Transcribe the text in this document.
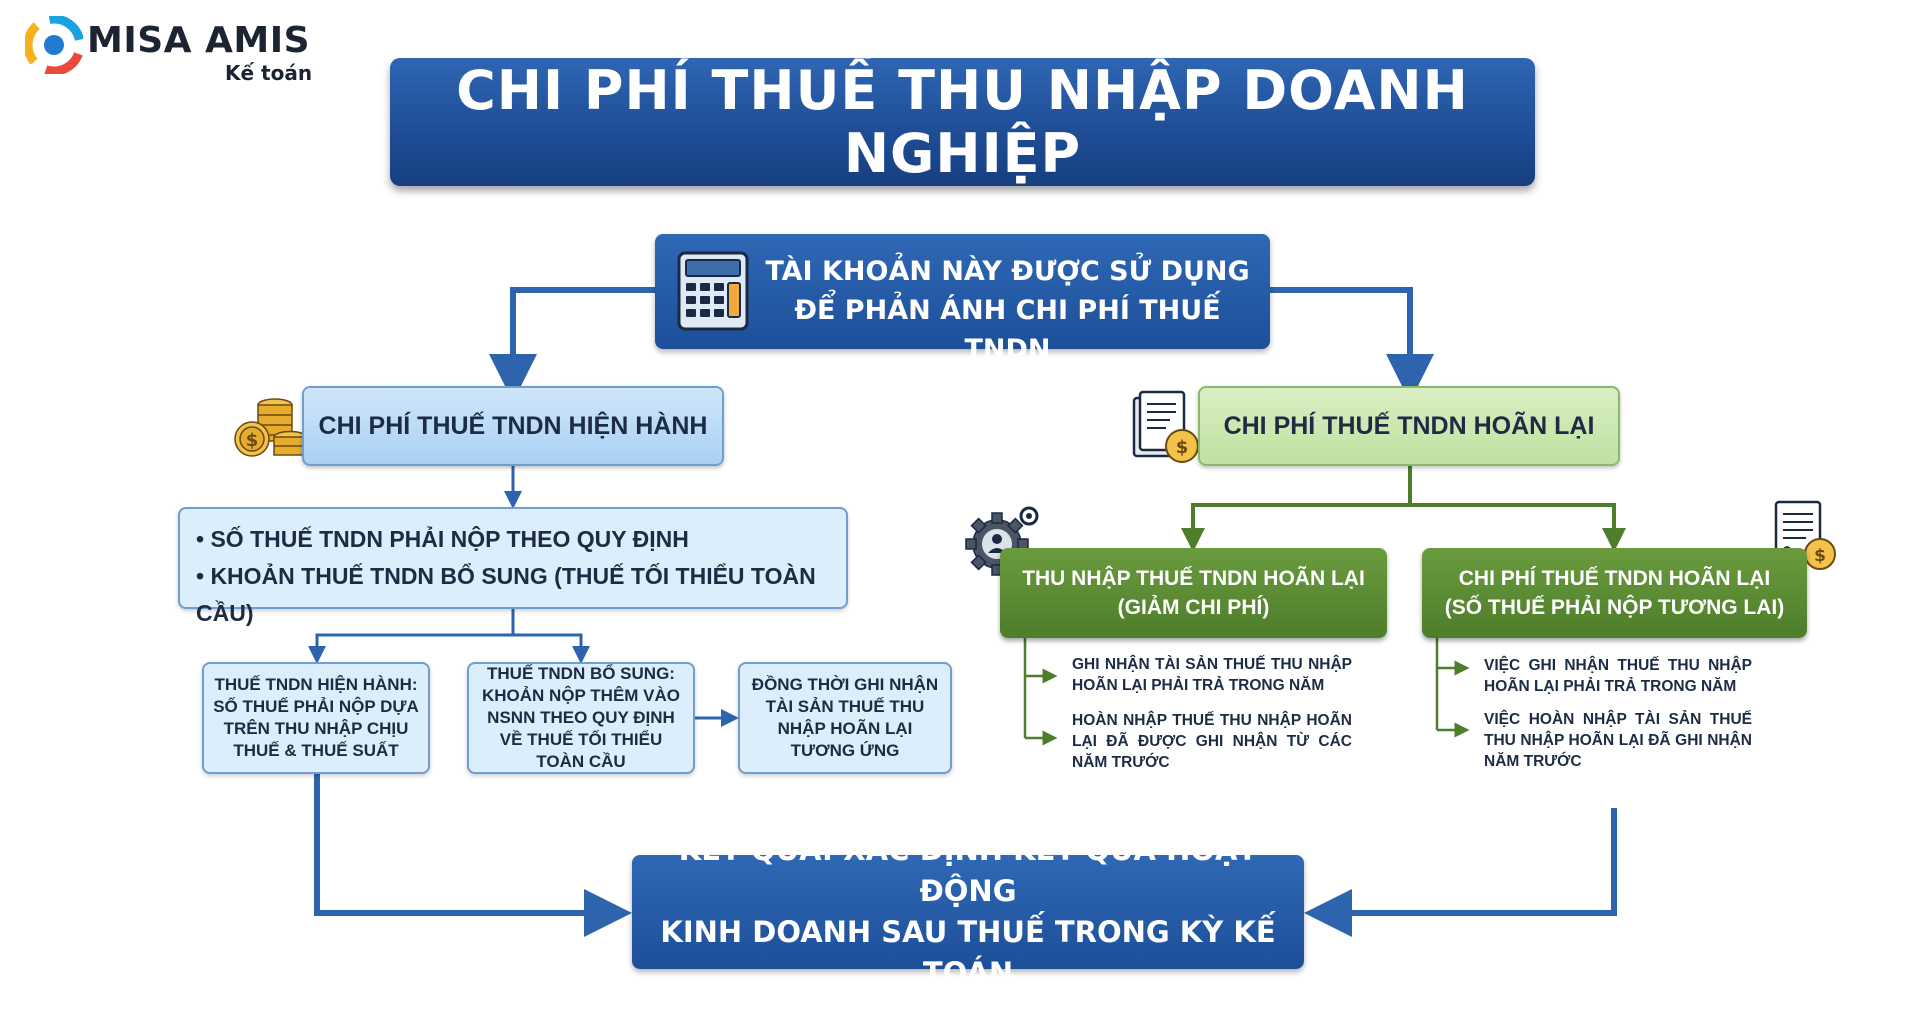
MISA AMIS
Kế toán	CHI PHÍ THUẾ THU NHẬP DOANH NGHIỆP
TÀI KHOẢN NÀY ĐƯỢC SỬ DỤNG
ĐỂ PHẢN ÁNH CHI PHÍ THUẾ TNDN
$
CHI PHÍ THUẾ TNDN HIỆN HÀNH
• SỐ THUẾ TNDN PHẢI NỘP THEO QUY ĐỊNH
• KHOẢN THUẾ TNDN BỔ SUNG (THUẾ TỐI THIỂU TOÀN CẦU)
THUẾ TNDN HIỆN HÀNH: SỐ THUẾ PHẢI NỘP DỰA TRÊN THU NHẬP CHỊU THUẾ & THUẾ SUẤT
THUẾ TNDN BỔ SUNG: KHOẢN NỘP THÊM VÀO NSNN THEO QUY ĐỊNH VỀ THUẾ TỐI THIỂU TOÀN CẦU
ĐỒNG THỜI GHI NHẬN TÀI SẢN THUẾ THU NHẬP HOÃN LẠI TƯƠNG ỨNG
$
CHI PHÍ THUẾ TNDN HOÃN LẠI
THU NHẬP THUẾ TNDN HOÃN LẠI
(GIẢM CHI PHÍ)
$
CHI PHÍ THUẾ TNDN HOÃN LẠI
(SỐ THUẾ PHẢI NỘP TƯƠNG LAI)
GHI NHẬN TÀI SẢN THUẾ THU NHẬP HOÃN LẠI PHẢI TRẢ TRONG NĂM
HOÀN NHẬP THUẾ THU NHẬP HOÃN LẠI ĐÃ ĐƯỢC GHI NHẬN TỪ CÁC NĂM TRƯỚC
VIỆC GHI NHẬN THUẾ THU NHẬP HOÃN LẠI PHẢI TRẢ TRONG NĂM
VIỆC HOÀN NHẬP TÀI SẢN THUẾ THU NHẬP HOÃN LẠI ĐÃ GHI NHẬN NĂM TRƯỚC
KẾT QUẢ: XÁC ĐỊNH KẾT QUẢ HOẠT ĐỘNG
KINH DOANH SAU THUẾ TRONG KỲ KẾ TOÁN
